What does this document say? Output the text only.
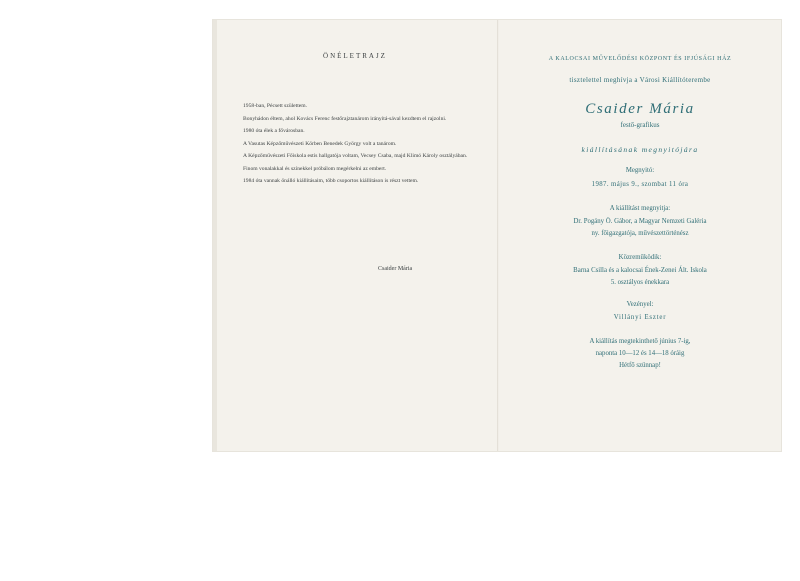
ÖNÉLETRAJZ

1958-ban, Pécsett születtem.

Bonyhádon éltem, ahol Kovács Ferenc festőrajztanárom irányítá-sával kezdtem el rajzolni.

1980 óta élek a fővárosban.

A Vasutas Képzőművészeti Körben Benedek György volt a tanárom.

A Képzőművészeti Főiskola estis hallgatója voltam, Vecsey Csaba, majd Klimó Károly osztályában.

Finom vonalakkal és színekkel próbálom megérkelni az embert.

1984 óta vannak önálló kiállításaim, több csoportos kiállításon is részt vettem.

Csaider Mária
A KALOCSAI MŰVELŐDÉSI KÖZPONT ÉS IFJÚSÁGI HÁZ
tisztelettel meghívja a Városi Kiállítóterembe
Csaider Mária
festő-grafikus
kiállításának megnyitójára
Megnyitó:
1987. május 9., szombat 11 óra
A kiállítást megnyitja:
Dr. Pogány Ö. Gábor, a Magyar Nemzeti Galéria
ny. főigazgatója, művészettörténész
Közreműködik:
Barna Csilla és a kalocsai Ének-Zenei Ált. Iskola
5. osztályos énekkara
Vezényel:
Villányi Eszter
A kiállítás megtekinthető június 7-ig,
naponta 10—12 és 14—18 óráig
Hétfő szünnap!
